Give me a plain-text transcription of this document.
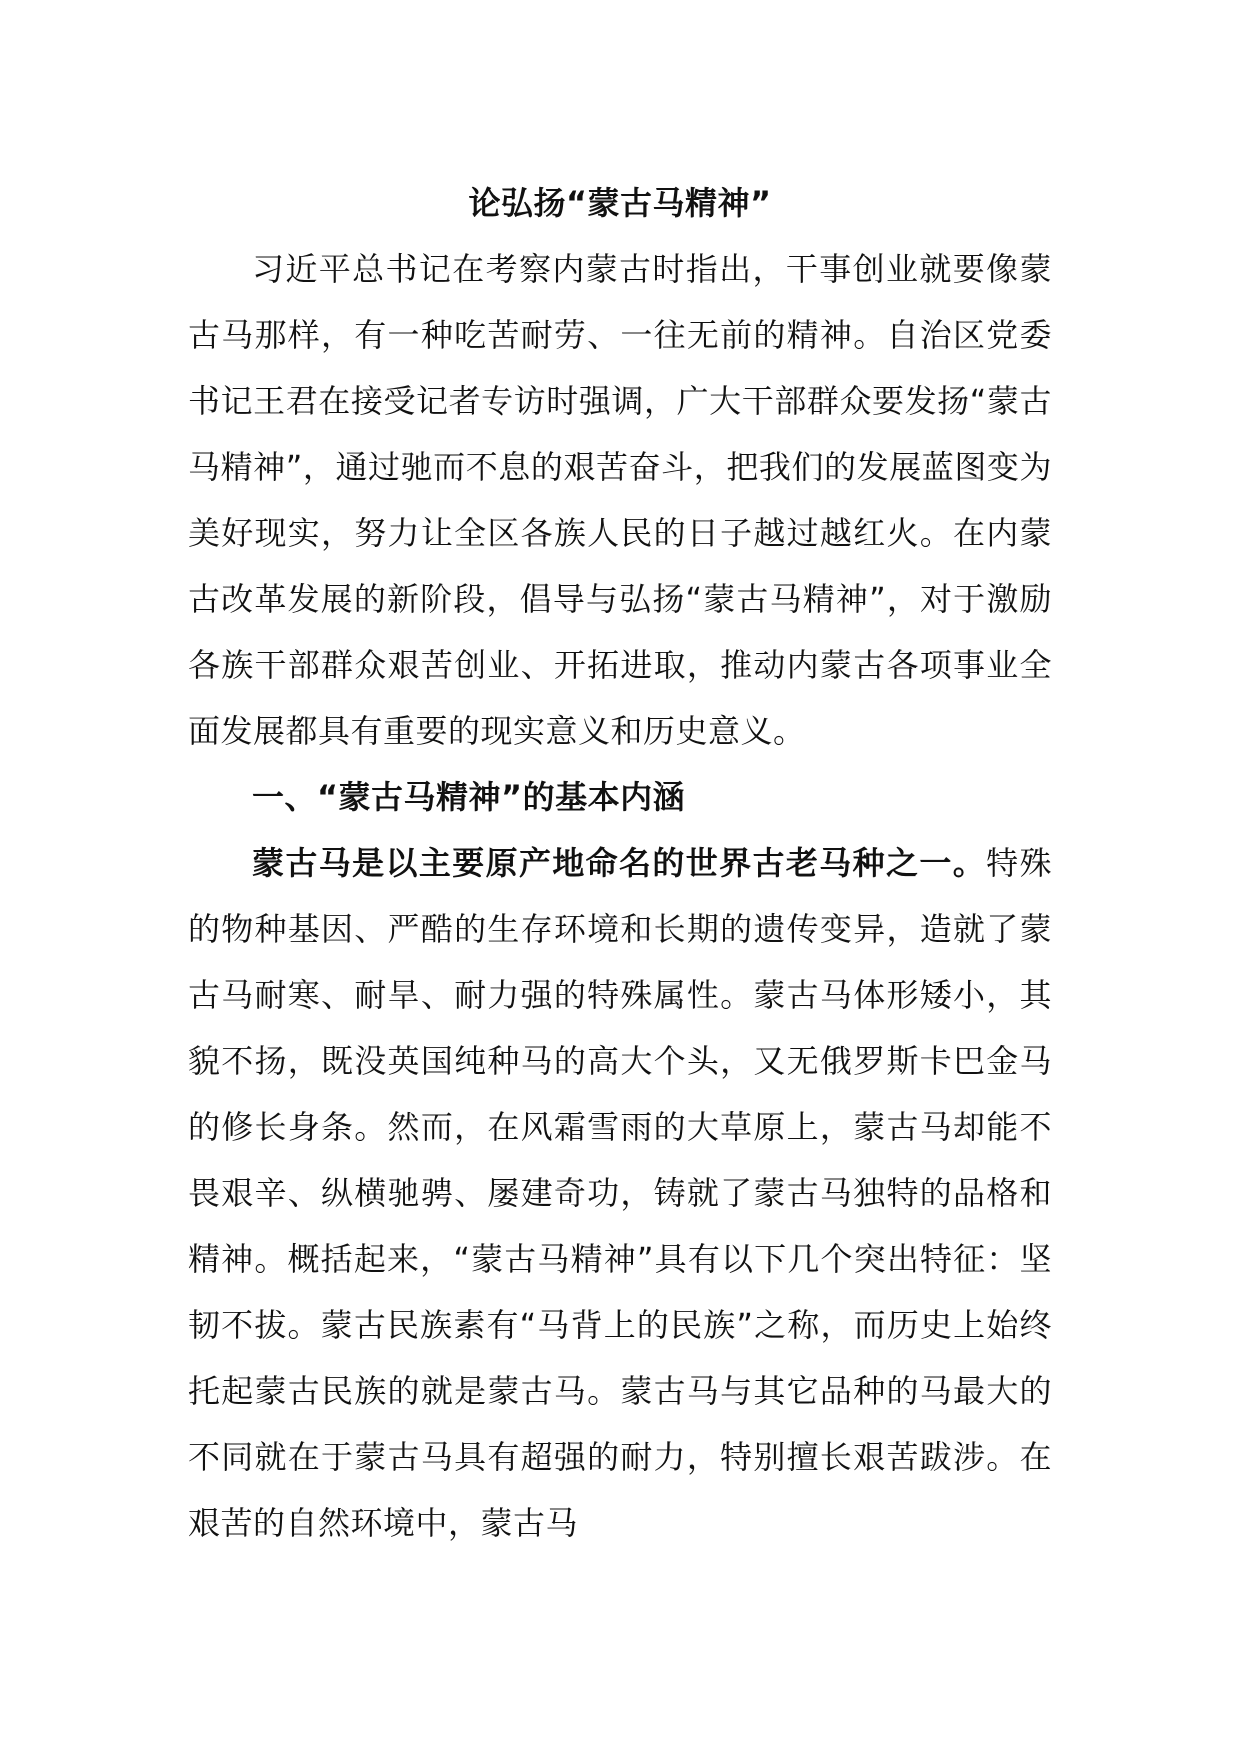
论弘扬“蒙古马精神”

习近平总书记在考察内蒙古时指出，干事创业就要像蒙古马那样，有一种吃苦耐劳、一往无前的精神。自治区党委书记王君在接受记者专访时强调，广大干部群众要发扬“蒙古马精神”，通过驰而不息的艰苦奋斗，把我们的发展蓝图变为美好现实，努力让全区各族人民的日子越过越红火。在内蒙古改革发展的新阶段，倡导与弘扬“蒙古马精神”，对于激励各族干部群众艰苦创业、开拓进取，推动内蒙古各项事业全面发展都具有重要的现实意义和历史意义。

一、“蒙古马精神”的基本内涵

蒙古马是以主要原产地命名的世界古老马种之一。特殊的物种基因、严酷的生存环境和长期的遗传变异，造就了蒙古马耐寒、耐旱、耐力强的特殊属性。蒙古马体形矮小，其貌不扬，既没英国纯种马的高大个头，又无俄罗斯卡巴金马的修长身条。然而，在风霜雪雨的大草原上，蒙古马却能不畏艰辛、纵横驰骋、屡建奇功，铸就了蒙古马独特的品格和精神。概括起来，“蒙古马精神”具有以下几个突出特征：坚韧不拔。蒙古民族素有“马背上的民族”之称，而历史上始终托起蒙古民族的就是蒙古马。蒙古马与其它品种的马最大的不同就在于蒙古马具有超强的耐力，特别擅长艰苦跋涉。在艰苦的自然环境中，蒙古马
